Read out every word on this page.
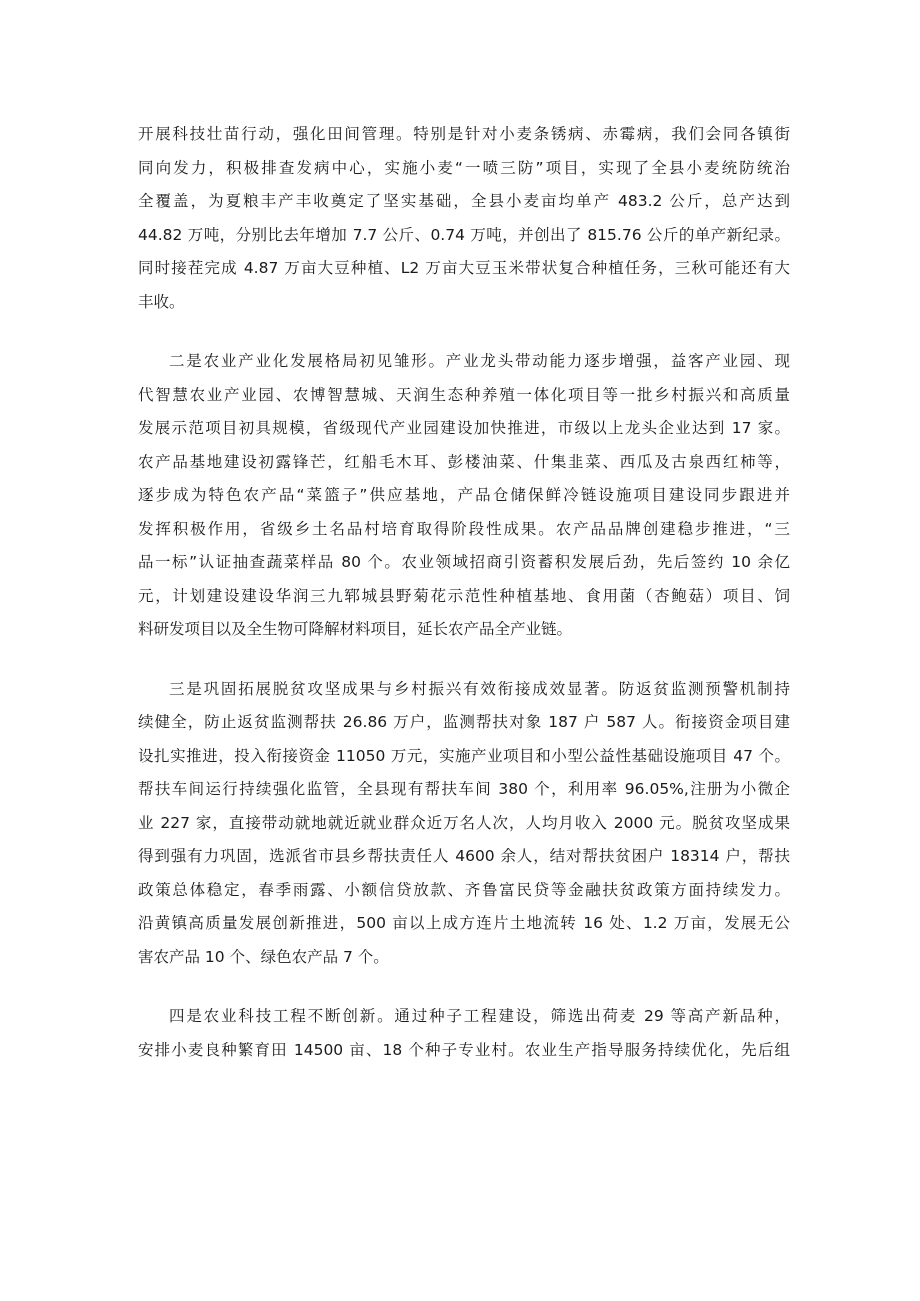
开展科技壮苗行动，强化田间管理。特别是针对小麦条锈病、赤霉病，我们会同各镇街
同向发力，积极排查发病中心，实施小麦“一喷三防”项目，实现了全县小麦统防统治
全覆盖，为夏粮丰产丰收奠定了坚实基础，全县小麦亩均单产 483.2 公斤，总产达到
44.82 万吨，分别比去年增加 7.7 公斤、0.74 万吨，并创出了 815.76 公斤的单产新纪录。
同时接茬完成 4.87 万亩大豆种植、L2 万亩大豆玉米带状复合种植任务，三秋可能还有大
丰收。
二是农业产业化发展格局初见雏形。产业龙头带动能力逐步增强，益客产业园、现
代智慧农业产业园、农博智慧城、天润生态种养殖一体化项目等一批乡村振兴和高质量
发展示范项目初具规模，省级现代产业园建设加快推进，市级以上龙头企业达到 17 家。
农产品基地建设初露锋芒，红船毛木耳、彭楼油菜、什集韭菜、西瓜及古泉西红柿等，
逐步成为特色农产品“菜篮子”供应基地，产品仓储保鲜冷链设施项目建设同步跟进并
发挥积极作用，省级乡土名品村培育取得阶段性成果。农产品品牌创建稳步推进，“三
品一标”认证抽查蔬菜样品 80 个。农业领域招商引资蓄积发展后劲，先后签约 10 余亿
元，计划建设建设华润三九郓城县野菊花示范性种植基地、食用菌（杏鲍菇）项目、饲
料研发项目以及全生物可降解材料项目，延长农产品全产业链。
三是巩固拓展脱贫攻坚成果与乡村振兴有效衔接成效显著。防返贫监测预警机制持
续健全，防止返贫监测帮扶 26.86 万户，监测帮扶对象 187 户 587 人。衔接资金项目建
设扎实推进，投入衔接资金 11050 万元，实施产业项目和小型公益性基础设施项目 47 个。
帮扶车间运行持续强化监管，全县现有帮扶车间 380 个，利用率 96.05%,注册为小微企
业 227 家，直接带动就地就近就业群众近万名人次，人均月收入 2000 元。脱贫攻坚成果
得到强有力巩固，选派省市县乡帮扶责任人 4600 余人，结对帮扶贫困户 18314 户，帮扶
政策总体稳定，春季雨露、小额信贷放款、齐鲁富民贷等金融扶贫政策方面持续发力。
沿黄镇高质量发展创新推进，500 亩以上成方连片土地流转 16 处、1.2 万亩，发展无公
害农产品 10 个、绿色农产品 7 个。
四是农业科技工程不断创新。通过种子工程建设，筛选出荷麦 29 等高产新品种，
安排小麦良种繁育田 14500 亩、18 个种子专业村。农业生产指导服务持续优化，先后组
